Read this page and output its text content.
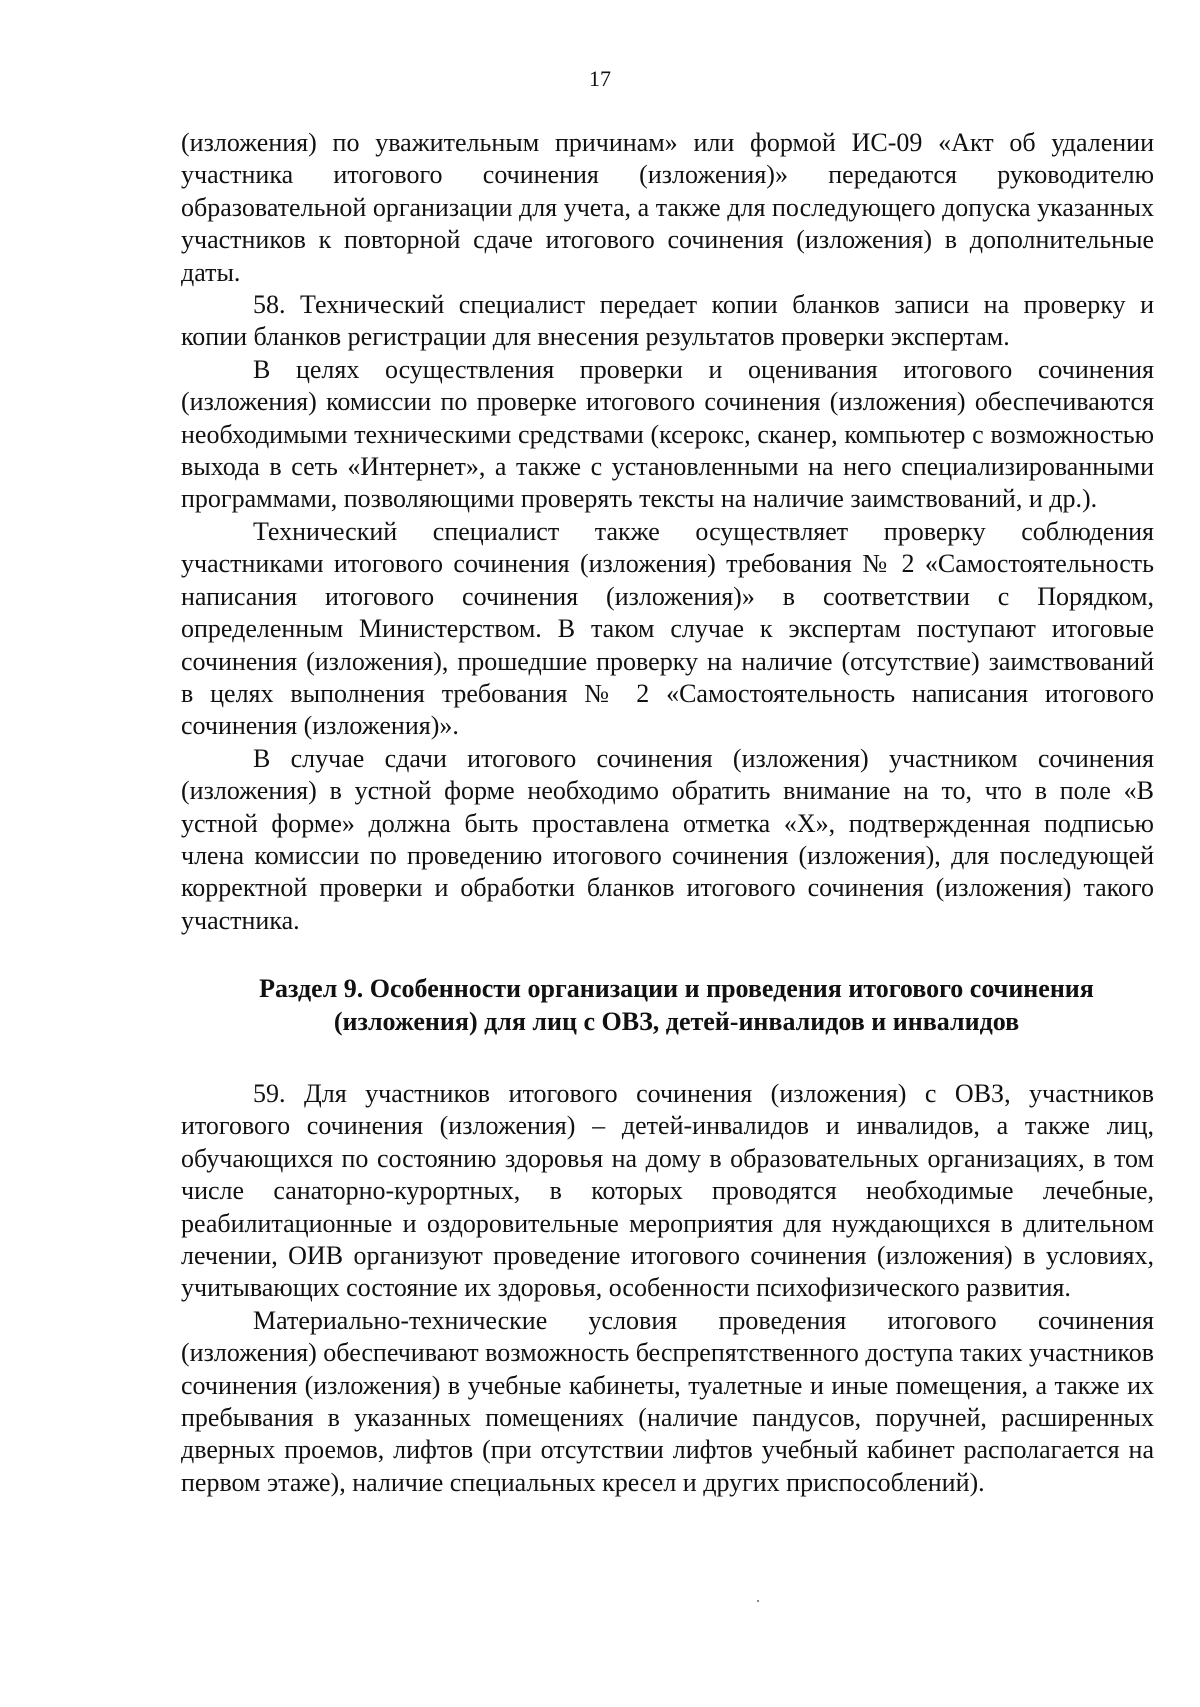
17

(изложения) по уважительным причинам» или формой ИС-09 «Акт об удалении участника итогового сочинения (изложения)» передаются руководителю образовательной организации для учета, а также для последующего допуска указанных участников к повторной сдаче итогового сочинения (изложения) в дополнительные даты.

58. Технический специалист передает копии бланков записи на проверку и копии бланков регистрации для внесения результатов проверки экспертам.

В целях осуществления проверки и оценивания итогового сочинения (изложения) комиссии по проверке итогового сочинения (изложения) обеспечиваются необходимыми техническими средствами (ксерокс, сканер, компьютер с возможностью выхода в сеть «Интернет», а также с установленными на него специализированными программами, позволяющими проверять тексты на наличие заимствований, и др.).

Технический специалист также осуществляет проверку соблюдения участниками итогового сочинения (изложения) требования № 2 «Самостоятельность написания итогового сочинения (изложения)» в соответствии с Порядком, определенным Министерством. В таком случае к экспертам поступают итоговые сочинения (изложения), прошедшие проверку на наличие (отсутствие) заимствований в целях выполнения требования № 2 «Самостоятельность написания итогового сочинения (изложения)».

В случае сдачи итогового сочинения (изложения) участником сочинения (изложения) в устной форме необходимо обратить внимание на то, что в поле «В устной форме» должна быть проставлена отметка «X», подтвержденная подписью члена комиссии по проведению итогового сочинения (изложения), для последующей корректной проверки и обработки бланков итогового сочинения (изложения) такого участника.

Раздел 9. Особенности организации и проведения итогового сочинения
(изложения) для лиц с ОВЗ, детей-инвалидов и инвалидов

59. Для участников итогового сочинения (изложения) с ОВЗ, участников итогового сочинения (изложения) – детей-инвалидов и инвалидов, а также лиц, обучающихся по состоянию здоровья на дому в образовательных организациях, в том числе санаторно-курортных, в которых проводятся необходимые лечебные, реабилитационные и оздоровительные мероприятия для нуждающихся в длительном лечении, ОИВ организуют проведение итогового сочинения (изложения) в условиях, учитывающих состояние их здоровья, особенности психофизического развития.

Материально-технические условия проведения итогового сочинения (изложения) обеспечивают возможность беспрепятственного доступа таких участников сочинения (изложения) в учебные кабинеты, туалетные и иные помещения, а также их пребывания в указанных помещениях (наличие пандусов, поручней, расширенных дверных проемов, лифтов (при отсутствии лифтов учебный кабинет располагается на первом этаже), наличие специальных кресел и других приспособлений).
